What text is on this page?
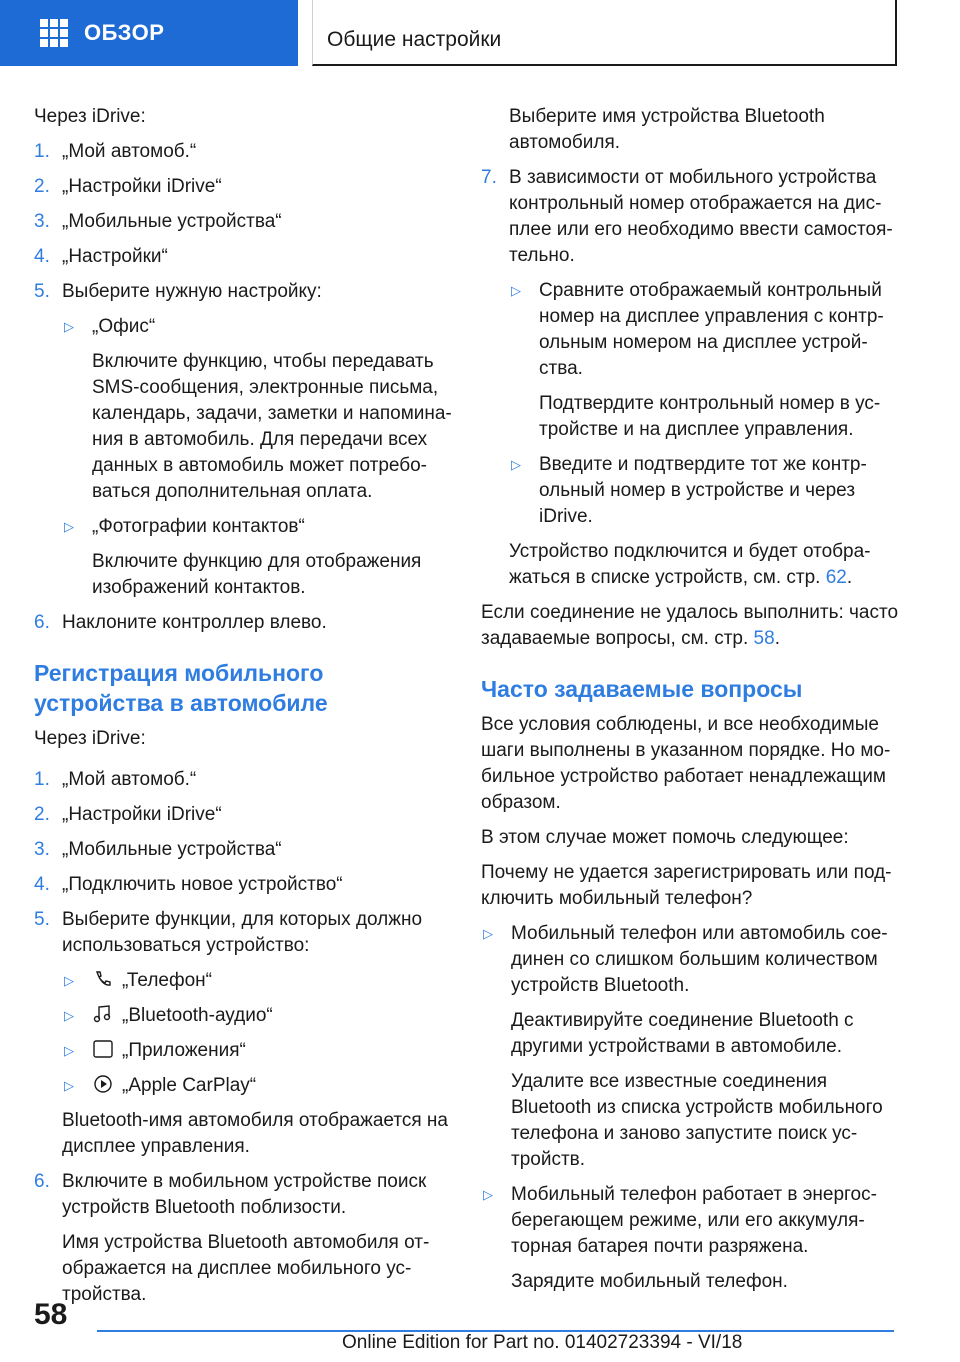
ОБЗОР	Общие настройки

Через iDrive:

1. „Мой автомоб.“
2. „Настройки iDrive“
3. „Мобильные устройства“
4. „Настройки“
5. Выберите нужную настройку:
▷ „Офис“
Включите функцию, чтобы передавать SMS-сообщения, электронные письма, календарь, задачи, заметки и напомина-ния в автомобиль. Для передачи всех данных в автомобиль может потребо-ваться дополнительная оплата.
▷ „Фотографии контактов“
Включите функцию для отображения изображений контактов.
6. Наклоните контроллер влево.
Регистрация мобильного устройства в автомобиле

Через iDrive:

1. „Мой автомоб.“
2. „Настройки iDrive“
3. „Мобильные устройства“
4. „Подключить новое устройство“
5. Выберите функции, для которых должно использоваться устройство:
▷	„Телефон“
▷	„Bluetooth-аудио“
▷	„Приложения“
▷	„Apple CarPlay“

Bluetooth-имя автомобиля отображается на дисплее управления.

6. Включите в мобильном устройстве поиск устройств Bluetooth поблизости.

Имя устройства Bluetooth автомобиля от-ображается на дисплее мобильного ус-тройства.

Выберите имя устройства Bluetooth автомобиля.

7. В зависимости от мобильного устройства контрольный номер отображается на дис-плее или его необходимо ввести самостоя-тельно.
▷ Сравните отображаемый контрольный номер на дисплее управления с контр-ольным номером на дисплее устрой-ства.
Подтвердите контрольный номер в ус-тройстве и на дисплее управления.
▷ Введите и подтвердите тот же контр-ольный номер в устройстве и через iDrive.

Устройство подключится и будет отобра-жаться в списке устройств, см. стр. 62.

Если соединение не удалось выполнить: часто задаваемые вопросы, см. стр. 58.

Часто задаваемые вопросы

Все условия соблюдены, и все необходимые шаги выполнены в указанном порядке. Но мо-бильное устройство работает ненадлежащим образом.

В этом случае может помочь следующее:

Почему не удается зарегистрировать или под-ключить мобильный телефон?

▷ Мобильный телефон или автомобиль сое-динен со слишком большим количеством устройств Bluetooth.
Деактивируйте соединение Bluetooth с другими устройствами в автомобиле.
Удалите все известные соединения Bluetooth из списка устройств мобильного телефона и заново запустите поиск ус-тройств.
▷ Мобильный телефон работает в энергос-берегающем режиме, или его аккумуля-торная батарея почти разряжена.
Зарядите мобильный телефон.
58
Online Edition for Part no. 01402723394 - VI/18
